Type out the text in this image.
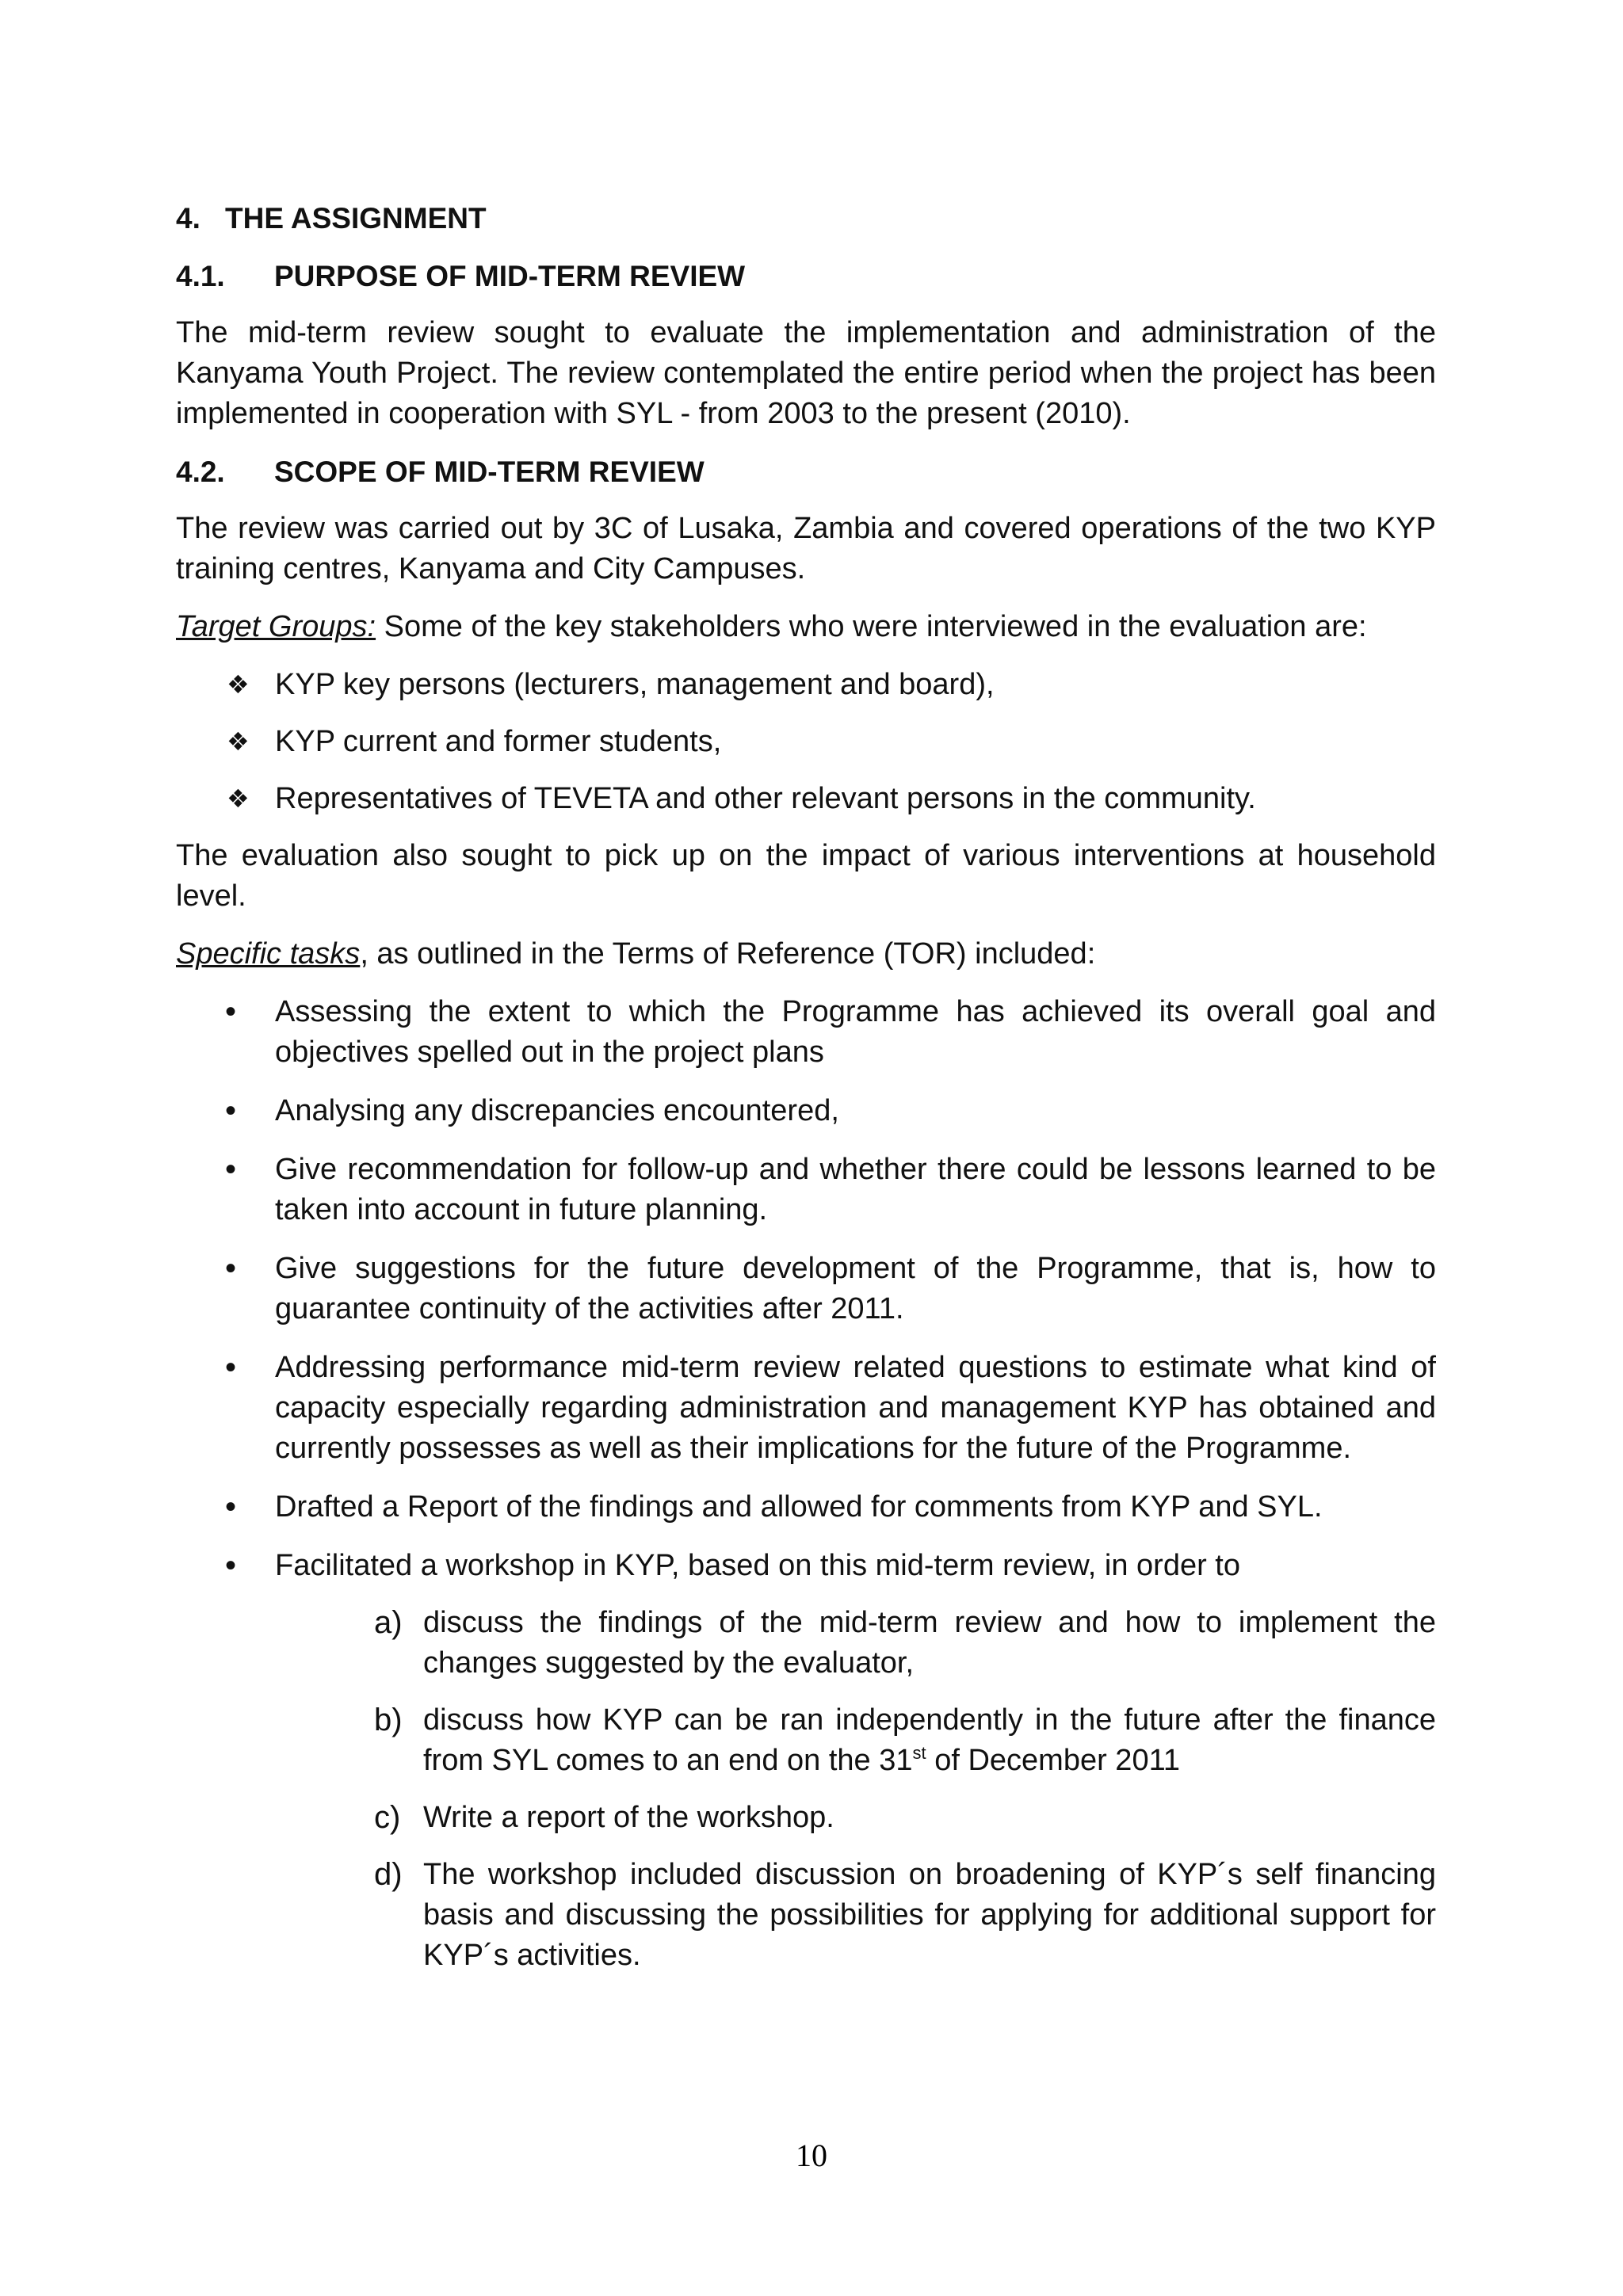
4. THE ASSIGNMENT
4.1. PURPOSE OF MID-TERM REVIEW

The mid-term review sought to evaluate the implementation and administration of the Kanyama Youth Project. The review contemplated the entire period when the project has been implemented in cooperation with SYL - from 2003 to the present (2010).

4.2. SCOPE OF MID-TERM REVIEW

The review was carried out by 3C of Lusaka, Zambia and covered operations of the two KYP training centres, Kanyama and City Campuses.

Target Groups: Some of the key stakeholders who were interviewed in the evaluation are:

❖ KYP key persons (lecturers, management and board),
❖ KYP current and former students,
❖ Representatives of TEVETA and other relevant persons in the community.

The evaluation also sought to pick up on the impact of various interventions at household level.

Specific tasks, as outlined in the Terms of Reference (TOR) included:

• Assessing the extent to which the Programme has achieved its overall goal and objectives spelled out in the project plans
• Analysing any discrepancies encountered,
• Give recommendation for follow-up and whether there could be lessons learned to be taken into account in future planning.
• Give suggestions for the future development of the Programme, that is, how to guarantee continuity of the activities after 2011.
• Addressing performance mid-term review related questions to estimate what kind of capacity especially regarding administration and management KYP has obtained and currently possesses as well as their implications for the future of the Programme.
• Drafted a Report of the findings and allowed for comments from KYP and SYL.
• Facilitated a workshop in KYP, based on this mid-term review, in order to
a) discuss the findings of the mid-term review and how to implement the changes suggested by the evaluator,
b) discuss how KYP can be ran independently in the future after the finance from SYL comes to an end on the 31st of December 2011
c) Write a report of the workshop.
d) The workshop included discussion on broadening of KYP´s self financing basis and discussing the possibilities for applying for additional support for KYP´s activities.
10
